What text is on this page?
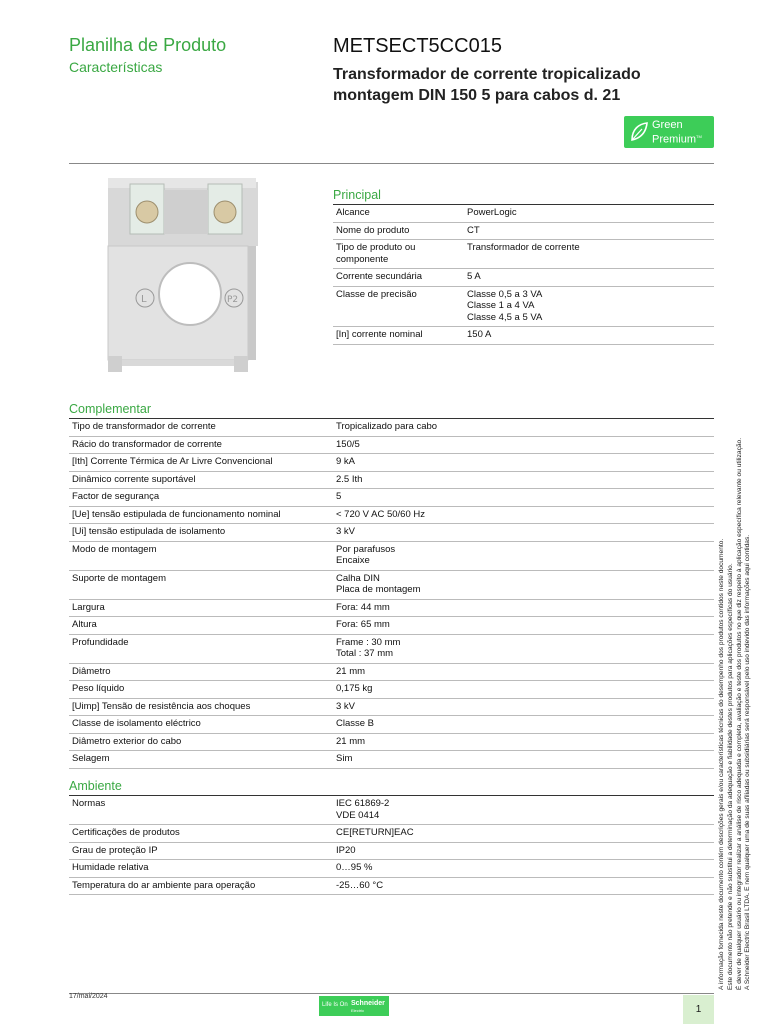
Planilha de Produto
Características
METSECT5CC015
Transformador de corrente tropicalizado
montagem DIN 150 5 para cabos d. 21
Green
Premium™
L	P2
Principal
Alcance	PowerLogic
Nome do produto	CT
Tipo de produto ou componente	Transformador de corrente
Corrente secundária	5 A
Classe de precisão	Classe 0,5 a 3 VA
Classe 1 a 4 VA
Classe 4,5 a 5 VA
[In] corrente nominal	150 A
Complementar
Tipo de transformador de corrente	Tropicalizado para cabo
Rácio do transformador de corrente	150/5
[Ith] Corrente Térmica de Ar Livre Convencional	9 kA
Dinâmico corrente suportável	2.5 Ith
Factor de segurança	5
[Ue] tensão estipulada de funcionamento nominal	< 720 V AC 50/60 Hz
[Ui] tensão estipulada de isolamento	3 kV
Modo de montagem	Por parafusos
Encaixe
Suporte de montagem	Calha DIN
Placa de montagem
Largura	Fora: 44 mm
Altura	Fora: 65 mm
Profundidade	Frame : 30 mm
Total : 37 mm
Diâmetro	21 mm
Peso líquido	0,175 kg
[Uimp] Tensão de resistência aos choques	3 kV
Classe de isolamento eléctrico	Classe B
Diâmetro exterior do cabo	21 mm
Selagem	Sim
Ambiente
Normas	IEC 61869-2
VDE 0414
Certificações de produtos	CE[RETURN]EAC
Grau de proteção IP	IP20
Humidade relativa	0…95 %
Temperatura do ar ambiente para operação	-25…60 °C	A informação fornecida neste documento contém descrições gerais e/ou características técnicas do desempenho dos produtos contidos neste documento. Este documento não pretende e não substitui a determinação da adequação e fiabilidade destes produtos para aplicações específicas do usuário. É dever de qualquer usuário ou integrador realizar a análise de risco adequada e completa, avaliação e teste dos produtos no que diz respeito à aplicação específica relevante ou utilização. A Schneider Electric Brasil LTDA. E nem qualquer uma de suas afiliadas ou subsidiárias será responsável pelo uso indevido das informações aqui contidas.
17/mai/2024
Life Is On Schneider
Electric	1
